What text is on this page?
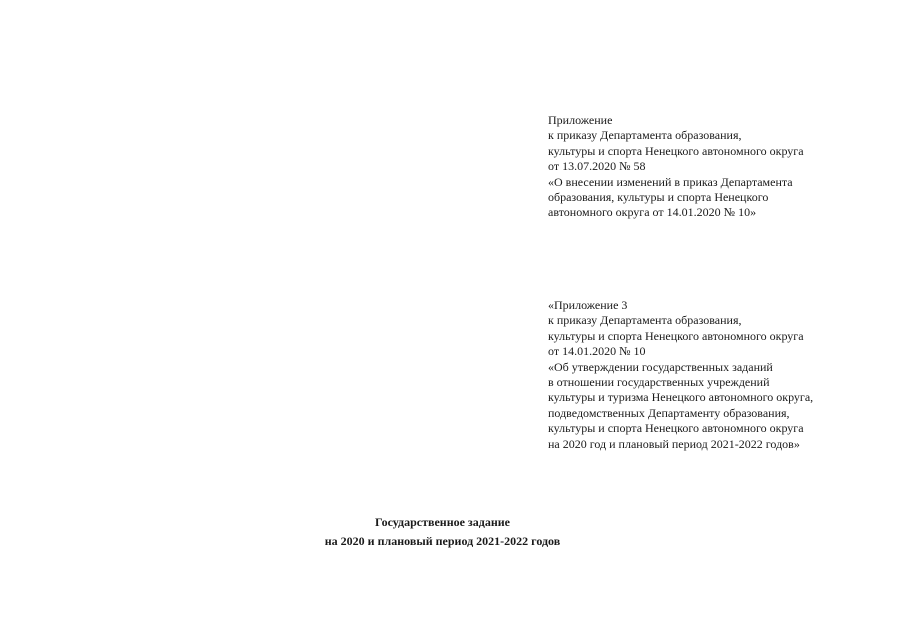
Приложение
к приказу Департамента образования,
культуры и спорта Ненецкого автономного округа
от 13.07.2020 № 58
«О внесении изменений в приказ Департамента
образования, культуры и спорта Ненецкого
автономного округа от 14.01.2020 № 10»
«Приложение 3
к приказу Департамента образования,
культуры и спорта Ненецкого автономного округа
от 14.01.2020 № 10
«Об утверждении государственных заданий
в отношении государственных учреждений
культуры и туризма Ненецкого автономного округа,
подведомственных Департаменту образования,
культуры и спорта Ненецкого автономного округа
на 2020 год и плановый период 2021-2022 годов»
Государственное задание
на 2020 и плановый период 2021-2022 годов
